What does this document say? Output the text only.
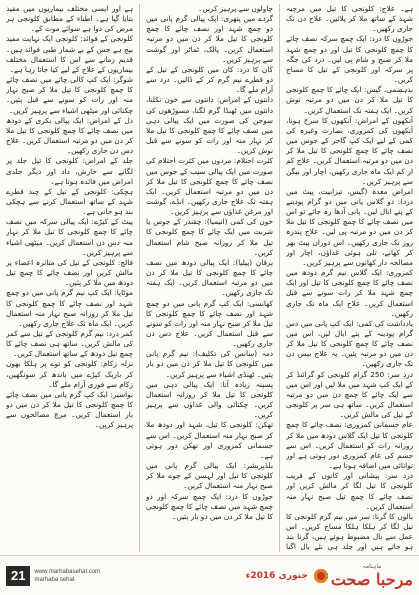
ہے۔ علاج: کلونجی کا تیل میں مرچیہ شہد کے ساتھ ملا کر پلائیں۔ علاج دن تک جاری رکھیں۔

جوڑوں کا درد: ایک چمچ سرکہ نصف چائے کا چمچ کلونجی کا تیل اور دو چمچ شہد ملا کر صبح و شام پی لیں۔ درد کی جگہ پر سرکہ اور کلونجی کے تیل کا مساج کریں۔

بدہضمی، گیس: ایک چائے کا چمچ کلونجی کا تیل ملا کر دن میں دو مرتبہ نوش کریں۔ ایک ہفتہ تک استعمال کریں۔

آنکھوں کے امراض: آنکھوں کا سرخ ہونا، آنکھوں کی کمزوری، بصارت وغیرہ کی کمی کے لیے ایک کپ گاجر کے جوس میں نصف چائے کا چمچ کلونجی کا تیل ملا کر دن میں دو مرتبہ استعمال کریں۔ علاج کم از کم ایک ماہ جاری رکھیں، اچار اور بیگن سے پرہیز کریں۔

امراض معدہ (گیس، تیزابیت، پیٹ میں درد): دو گلاس پانی میں دو گرام پودینے کے پتے ابال لیں۔ پانی آدھا رہ جائے تو اس میں نصف چائے کا چمچ کلونجی کا تیل ملا کر دن میں دو مرتبہ پی لیں۔ علاج پندرہ روز تک جاری رکھیں۔ اس دوران پیٹ بھر کر کھانے، تلی ہوئی غذاؤں، اچار اور مصالحہ دار کھانوں سے پرہیز کریں۔

کمزوری: ایک گلاس نیم گرم دودھ میں نصف چائے کا چمچ کلونجی کا تیل اور ایک چمچ شہد ملا کر رات سونے سے قبل استعمال کریں۔ علاج ایک ماہ تک جاری رکھیں۔

یادداشت کی کمی: ایک کپ پانی میں دس گرام پودینہ کے پتے ابال لیں، اس میں نصف چائے کا چمچ کلونجی کا تیل ملا کر دن میں دو مرتبہ پئیں۔ یہ علاج بیس دن تک جاری رکھیں۔

دردِ سر: 250 گرام کلونجی کو گرائنڈ کر کے ایک کپ شہد میں ملا لیں اور اس میں سے ایک چائے کا چمچ دن میں دو مرتبہ استعمال کریں۔ ساتھ ہی سر پر کلونجی کے تیل کی مالش کریں۔

عام جسمانی کمزوری: نصف چائے کا چمچ کلونجی کا تیل ایک گلاس دودھ میں ملا کر روزانہ رات کو استعمال کریں۔ اس سے جسم کی عام کمزوری دور ہوتی ہے اور توانائی میں اضافہ ہوتا ہے۔

درد سر: پیشانی اور کانوں کے قریب کلونجی کا تیل لگا کر مالش کریں اور نصف چائے کا چمچ تیل صبح نہار منہ استعمال کریں۔

بالوں کا گرنا: سر میں نیم گرم کلونجی کا تیل لگا کر ہلکا ہلکا مساج کریں۔ اس عمل سے بال مضبوط ہوتے ہیں، گرنا بند ہو جاتے ہیں اور جلد ہی نئے بال اگنا

چاولوں سے پرہیز کریں۔

گردے میں پتھری: ایک پیالی گرم پانی میں دو چمچ شہد اور نصف چائے کا چمچ کلونجی کا تیل ملا کر دن میں دو مرتبہ استعمال کریں۔ پالک، ٹماٹر اور گوشت سے پرہیز کریں۔

کان کا درد: کان میں کلونجی کے تیل کے دو قطرے نیم گرم کر کے ڈالیں۔ درد سے آرام ملے گا۔

دانتوں کے امراض: دانتوں سے خون نکلنا، دانتوں میں ٹھنڈا گرم لگنا، مسوڑھوں کی سوجن کی صورت میں ایک پیالی دہی میں نصف چائے کا چمچ کلونجی کا تیل ملا کر نہار منہ اور رات کو سونے سے قبل نوش کریں۔

کثرت احتلام: مردوں میں کثرت احتلام کی صورت میں ایک پیالی سیب کے جوس میں نصف چائے کا چمچ کلونجی کا تیل ملا کر دن میں دو مرتبہ استعمال کریں۔ ایک ہفتہ تک علاج جاری رکھیں۔ انڈے، گوشت اور مرغن غذاؤں سے پرہیز کریں۔

خون کی کمی (انیمیا): چقندر کے جوس یا شربت میں ایک چائے کا چمچ کلونجی کا تیل ملا کر روزانہ صبح شام استعمال کریں۔

یرقان (پیلیا): ایک پیالی دودھ میں نصف چائے کا چمچ کلونجی کا تیل ملا کر دن میں دو مرتبہ استعمال کریں۔ ایک ہفتہ تک جاری رکھیں۔

کھانسی: ایک کپ گرم پانی میں دو چمچ شہد اور نصف چائے کا چمچ کلونجی کا تیل ملا کر صبح نہار منہ اور رات کو سونے سے قبل استعمال کریں۔ علاج دس دن جاری رکھیں۔

دمہ (سانس کی تکلیف): نیم گرم پانی میں کلونجی کا تیل ملا کر دن میں دو بار پئیں۔ ٹھنڈی اشیاء سے پرہیز کریں۔

پسینہ زیادہ آنا: ایک پیالی دہی میں کلونجی کا تیل ملا کر روزانہ استعمال کریں۔ چکنائی والی غذاؤں سے پرہیز کریں۔

تھکن: کلونجی کا تیل، شہد اور دودھ ملا کر صبح نہار منہ استعمال کریں۔ اس سے جسمانی کمزوری اور تھکن دور ہوتی ہے۔

بلڈپریشر: ایک پیالی گرم پانی میں کلونجی کا تیل اور لہسن کے جوے ملا کر صبح نہار منہ استعمال کریں۔

جوڑوں کا درد: ایک چمچ سرکہ اور دو چمچ شہد میں نصف چائے کا چمچ کلونجی کا تیل ملا کر دن میں دو بار پئیں۔

ہے اور ایسی مختلف بیماریوں میں مفید بتایا گیا ہے۔ اطباء کے مطابق کلونجی ہر مرض کی دوا ہے سوائے موت کے۔

کلونجی کے فوائد: کلونجی ایک نہایت مفید بیج ہے جس کے بے شمار طبی فوائد ہیں۔ قدیم زمانے سے اس کا استعمال مختلف بیماریوں کے علاج کے لیے کیا جاتا رہا ہے۔

شوگر: ایک کپ کالی چائے میں نصف چائے کا چمچ کلونجی کا تیل ملا کر صبح نہار منہ اور رات کو سونے سے قبل پئیں۔ چکنائی اور میٹھی اشیاء سے پرہیز کریں۔

دل کے امراض: ایک پیالی بکری کے دودھ میں نصف چائے کا چمچ کلونجی کا تیل ملا کر دن میں دو مرتبہ استعمال کریں۔ علاج دس دن جاری رکھیں۔

جلد کے امراض: کلونجی کا تیل جلد پر لگانے سے خارش، داد اور دیگر جلدی امراض میں فائدہ ہوتا ہے۔

ہچکی: کلونجی کے تیل کے چند قطرے شہد کے ساتھ استعمال کرنے سے ہچکی بند ہو جاتی ہے۔

پیٹ کے کیڑے: ایک پیالی سرکہ میں نصف چائے کا چمچ کلونجی کا تیل ملا کر نہار منہ دس دن استعمال کریں۔ میٹھی اشیاء سے پرہیز کریں۔

فالج: کلونجی کے تیل کی متاثرہ اعضاء پر مالش کریں اور نصف چائے کا چمچ تیل دودھ میں ملا کر پئیں۔

موٹاپا: ایک کپ نیم گرم پانی میں دو چمچ شہد اور نصف چائے کا چمچ کلونجی کا تیل ملا کر روزانہ صبح نہار منہ استعمال کریں۔ ایک ماہ تک علاج جاری رکھیں۔

کمر درد: نیم گرم کلونجی کے تیل سے کمر کی مالش کریں۔ ساتھ ہی نصف چائے کا چمچ تیل دودھ کے ساتھ استعمال کریں۔

نزلہ زکام: کلونجی کو توے پر ہلکا بھون کر باریک کپڑے میں باندھ کر سونگھیں، زکام سے فوری آرام ملے گا۔

بواسیر: ایک کپ گرم پانی میں نصف چائے کا چمچ کلونجی کا تیل ملا کر دن میں دو بار استعمال کریں۔ مرچ مصالحوں سے پرہیز کریں۔

21	www.marhabasehat.com
marhaba sehat	جنوری 2016ء
ماہنامہ
مرحبا صحت
